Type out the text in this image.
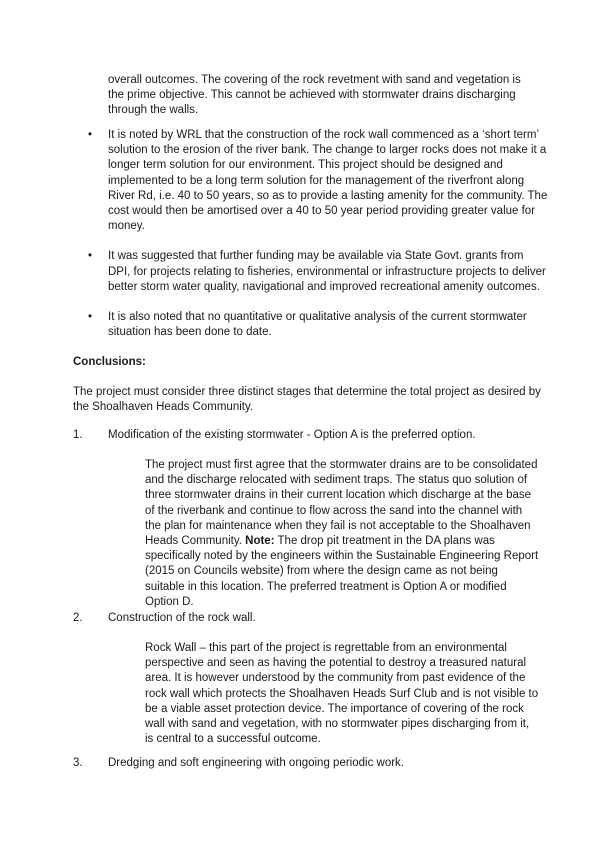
overall outcomes. The covering of the rock revetment with sand and vegetation is the prime objective. This cannot be achieved with stormwater drains discharging through the walls.

• It is noted by WRL that the construction of the rock wall commenced as a ‘short term’ solution to the erosion of the river bank. The change to larger rocks does not make it a longer term solution for our environment. This project should be designed and implemented to be a long term solution for the management of the riverfront along River Rd, i.e. 40 to 50 years, so as to provide a lasting amenity for the community. The cost would then be amortised over a 40 to 50 year period providing greater value for money.
• It was suggested that further funding may be available via State Govt. grants from DPI, for projects relating to fisheries, environmental or infrastructure projects to deliver better storm water quality, navigational and improved recreational amenity outcomes.
• It is also noted that no quantitative or qualitative analysis of the current stormwater situation has been done to date.

Conclusions:

The project must consider three distinct stages that determine the total project as desired by the Shoalhaven Heads Community.

1. Modification of the existing stormwater - Option A is the preferred option.

The project must first agree that the stormwater drains are to be consolidated and the discharge relocated with sediment traps. The status quo solution of three stormwater drains in their current location which discharge at the base of the riverbank and continue to flow across the sand into the channel with the plan for maintenance when they fail is not acceptable to the Shoalhaven Heads Community. Note: The drop pit treatment in the DA plans was specifically noted by the engineers within the Sustainable Engineering Report (2015 on Councils website) from where the design came as not being suitable in this location. The preferred treatment is Option A or modified Option D.

2. Construction of the rock wall.

Rock Wall – this part of the project is regrettable from an environmental perspective and seen as having the potential to destroy a treasured natural area. It is however understood by the community from past evidence of the rock wall which protects the Shoalhaven Heads Surf Club and is not visible to be a viable asset protection device. The importance of covering of the rock wall with sand and vegetation, with no stormwater pipes discharging from it, is central to a successful outcome.

3. Dredging and soft engineering with ongoing periodic work.
